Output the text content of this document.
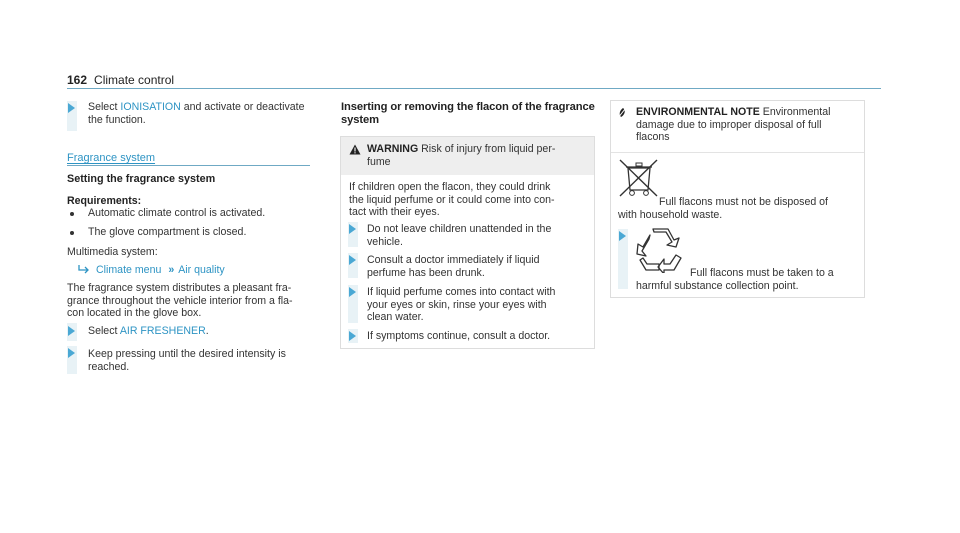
162 Climate control
Select IONISATION and activate or deactivate
the function.
Fragrance system
Setting the fragrance system
Requirements:
Automatic climate control is activated.
The glove compartment is closed.
Multimedia system:
Climate menu » Air quality
The fragrance system distributes a pleasant fra-
grance throughout the vehicle interior from a fla-
con located in the glove box.
Select AIR FRESHENER.
Keep pressing until the desired intensity is
reached.
Inserting or removing the flacon of the fragrance
system
WARNING Risk of injury from liquid per-
fume
If children open the flacon, they could drink
the liquid perfume or it could come into con-
tact with their eyes.
Do not leave children unattended in the
vehicle.
Consult a doctor immediately if liquid
perfume has been drunk.
If liquid perfume comes into contact with
your eyes or skin, rinse your eyes with
clean water.
If symptoms continue, consult a doctor.
ENVIRONMENTAL NOTE Environmental
damage due to improper disposal of full
flacons
Full flacons must not be disposed of
with household waste.
Full flacons must be taken to a
harmful substance collection point.
